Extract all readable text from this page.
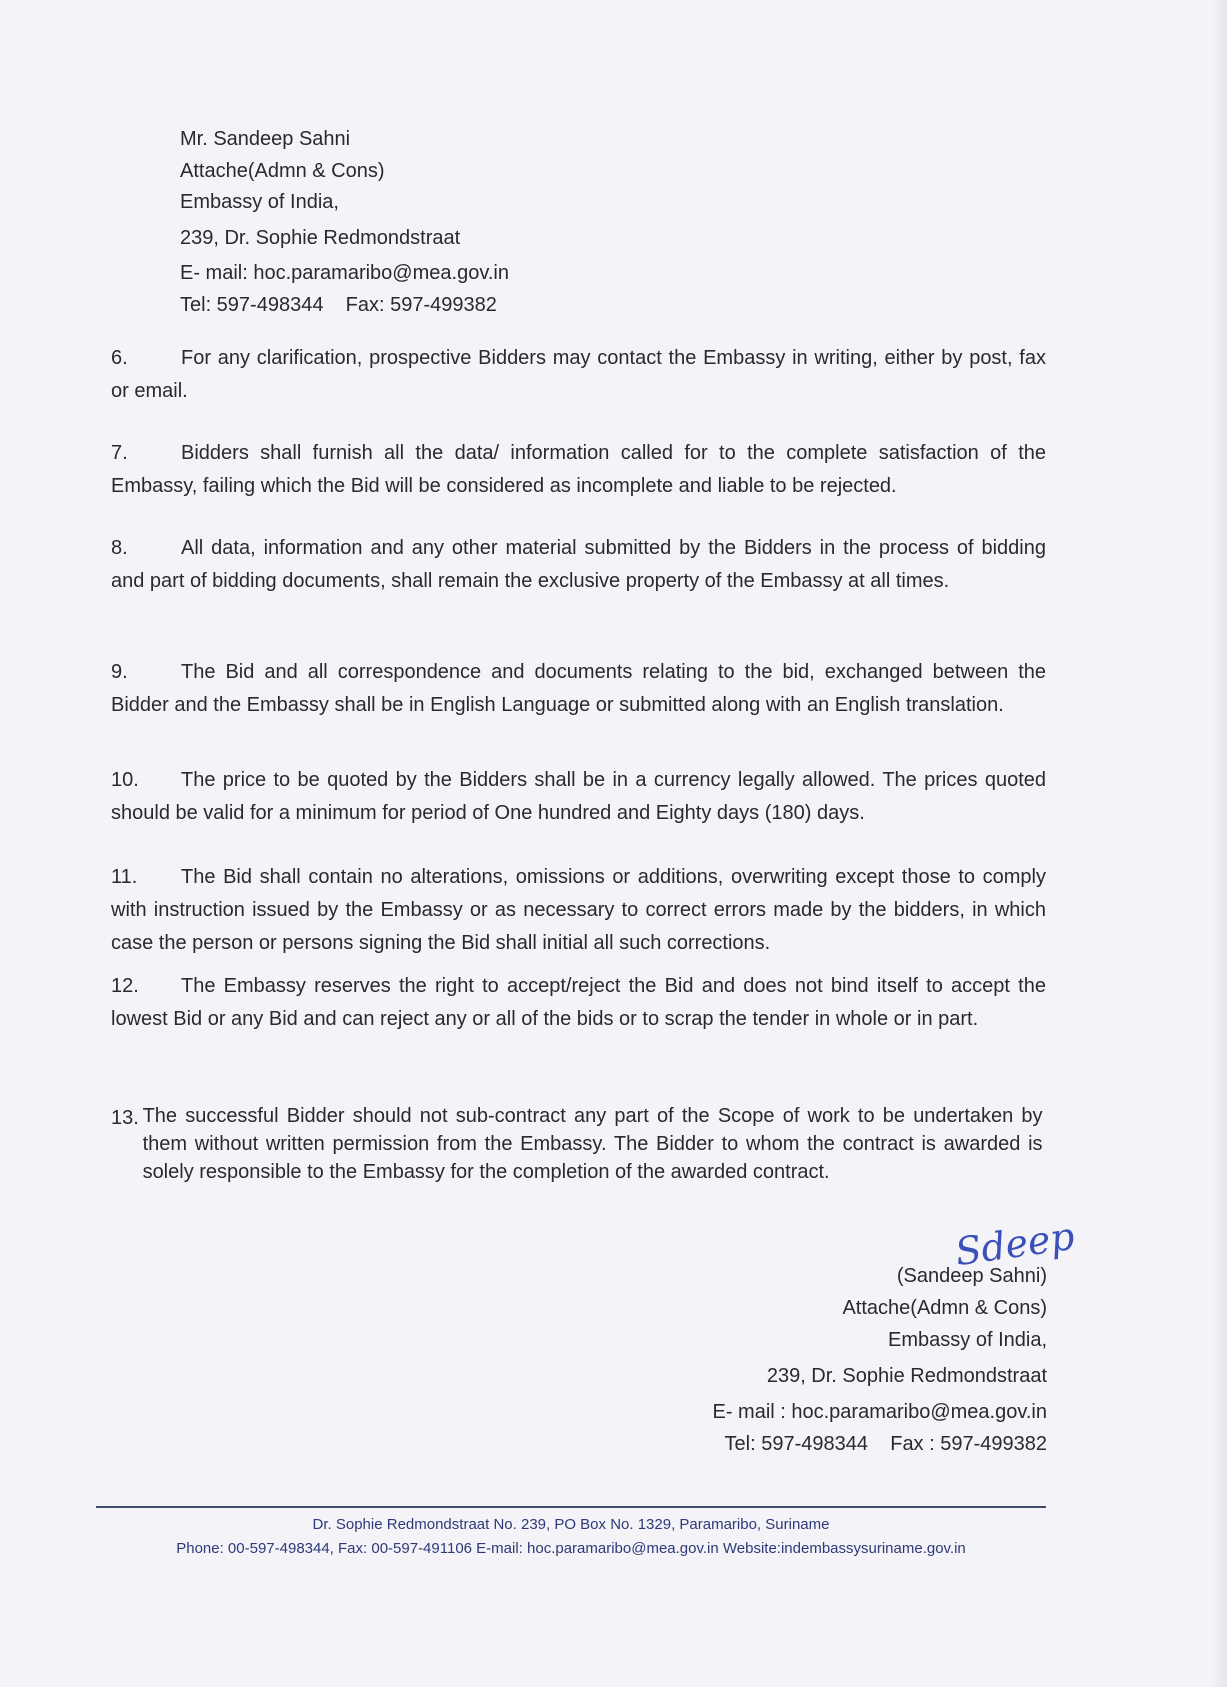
Mr. Sandeep Sahni
Attache(Admn & Cons)
Embassy of India,
239, Dr. Sophie Redmondstraat
E- mail: hoc.paramaribo@mea.gov.in
Tel: 597-498344    Fax: 597-499382
6.	For any clarification, prospective Bidders may contact the Embassy in writing, either by post, fax or email.
7.	Bidders shall furnish all the data/ information called for to the complete satisfaction of the Embassy, failing which the Bid will be considered as incomplete and liable to be rejected.
8.	All data, information and any other material submitted by the Bidders in the process of bidding and part of bidding documents, shall remain the exclusive property of the Embassy at all times.
9.	The Bid and all correspondence and documents relating to the bid, exchanged between the Bidder and the Embassy shall be in English Language or submitted along with an English translation.
10. The price to be quoted by the Bidders shall be in a currency legally allowed. The prices quoted should be valid for a minimum for period of One hundred and Eighty days (180) days.
11. The Bid shall contain no alterations, omissions or additions, overwriting except those to comply with instruction issued by the Embassy or as necessary to correct errors made by the bidders, in which case the person or persons signing the Bid shall initial all such corrections.
12. The Embassy reserves the right to accept/reject the Bid and does not bind itself to accept the lowest Bid or any Bid and can reject any or all of the bids or to scrap the tender in whole or in part.
13. The successful Bidder should not sub-contract any part of the Scope of work to be undertaken by them without written permission from the Embassy. The Bidder to whom the contract is awarded is solely responsible to the Embassy for the completion of the awarded contract.
Sdeep
(Sandeep Sahni)
Attache(Admn & Cons)
Embassy of India,
239, Dr. Sophie Redmondstraat
E- mail : hoc.paramaribo@mea.gov.in
Tel: 597-498344    Fax : 597-499382
Dr. Sophie Redmondstraat No. 239, PO Box No. 1329, Paramaribo, Suriname
Phone: 00-597-498344, Fax: 00-597-491106 E-mail: hoc.paramaribo@mea.gov.in Website:indembassysuriname.gov.in
